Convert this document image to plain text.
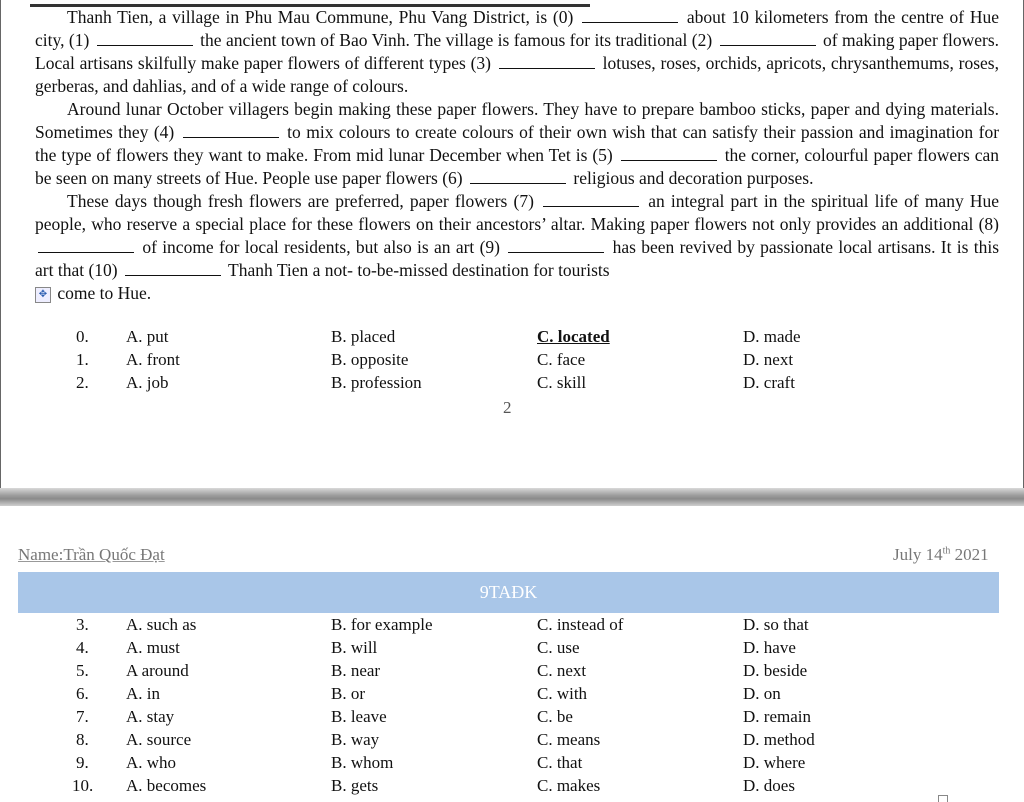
Thanh Tien, a village in Phu Mau Commune, Phu Vang District, is (0)	about 10 kilometers from the centre of Hue city, (1)	the ancient town of Bao Vinh. The village is famous for its traditional (2)	of making paper flowers. Local artisans skilfully make paper flowers of different types (3)	lotuses, roses, orchids, apricots, chrysanthemums, roses, gerberas, and dahlias, and of a wide range of colours.

Around lunar October villagers begin making these paper flowers. They have to prepare bamboo sticks, paper and dying materials. Sometimes they (4)	to mix colours to create colours of their own wish that can satisfy their passion and imagination for the type of flowers they want to make. From mid lunar December when Tet is (5)	the corner, colourful paper flowers can be seen on many streets of Hue. People use paper flowers (6)	religious and decoration purposes.

These days though fresh flowers are preferred, paper flowers (7)	an integral part in the spiritual life of many Hue people, who reserve a special place for these flowers on their ancestors’ altar. Making paper flowers not only provides an additional (8)  of income for local residents, but also is an art (9)	has been revived by passionate local artisans. It is this art that (10)	Thanh Tien a not- to-be-missed destination for tourists

✥ come to Hue.
0. A. put	B. placed	C. located	D. made
1. A. front	B. opposite	C. face	D. next
2. A. job	B. profession	C. skill	D. craft
2
Name:Trần Quốc Đạt	July 14th 2021
9TAĐK
3. A. such as	B. for example	C. instead of	D. so that
4. A. must	B. will	C. use	D. have
5. A around	B. near	C. next	D. beside
6. A. in	B. or	C. with	D. on
7. A. stay	B. leave	C. be	D. remain
8. A. source	B. way	C. means	D. method
9. A. who	B. whom	C. that	D. where
10. A. becomes	B. gets	C. makes	D. does
